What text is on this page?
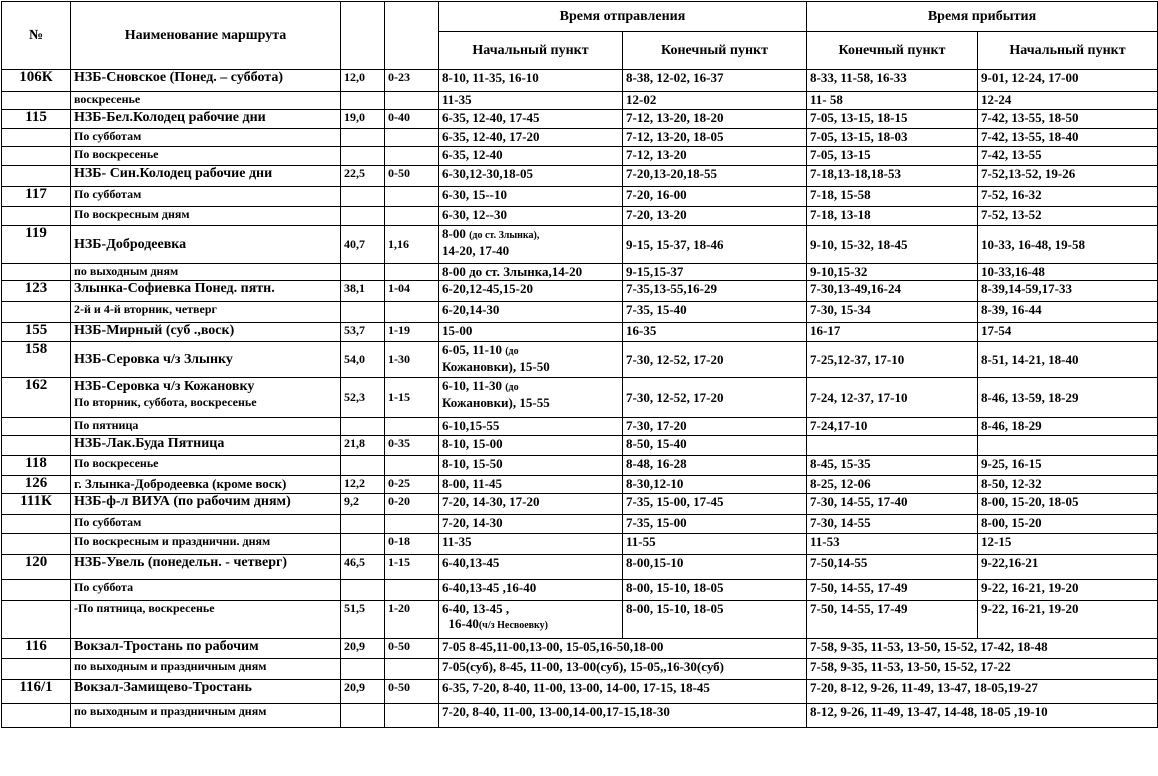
№	Наименование маршрута			Время отправления		Время прибытия	
				Начальный пункт	Конечный пункт	Конечный пункт	Начальный пункт
106К	НЗБ-Сновское (Понед. – суббота)	12,0	0-23	8-10, 11-35, 16-10	8-38, 12-02, 16-37	8-33, 11-58, 16-33	9-01, 12-24, 17-00
	воскресенье			11-35	12-02	11- 58	12-24
115	НЗБ-Бел.Колодец рабочие дни	19,0	0-40	6-35, 12-40, 17-45	7-12, 13-20, 18-20	7-05, 13-15, 18-15	7-42, 13-55, 18-50
	По субботам			6-35, 12-40, 17-20	7-12, 13-20, 18-05	7-05, 13-15, 18-03	7-42, 13-55, 18-40
	По воскресенье			6-35, 12-40	7-12, 13-20	7-05, 13-15	7-42, 13-55
	НЗБ- Син.Колодец рабочие дни	22,5	0-50	6-30,12-30,18-05	7-20,13-20,18-55	7-18,13-18,18-53	7-52,13-52, 19-26
117	По субботам			6-30, 15--10	7-20, 16-00	7-18, 15-58	7-52, 16-32
	По воскресным дням			6-30, 12--30	7-20, 13-20	7-18, 13-18	7-52, 13-52
119	НЗБ-Добродеевка	40,7	1,16	8-00 (до ст. Злынка),
14-20, 17-40	9-15, 15-37, 18-46	9-10, 15-32, 18-45	10-33, 16-48, 19-58
	по выходным дням			8-00 до ст. Злынка,14-20	9-15,15-37	9-10,15-32	10-33,16-48
123	Злынка-Софиевка Понед. пятн.	38,1	1-04	6-20,12-45,15-20	7-35,13-55,16-29	7-30,13-49,16-24	8-39,14-59,17-33
	2-й и 4-й вторник, четверг			6-20,14-30	7-35, 15-40	7-30, 15-34	8-39, 16-44
155	НЗБ-Мирный (суб .,воск)	53,7	1-19	15-00	16-35	16-17	17-54
158	НЗБ-Серовка ч/з Злынку	54,0	1-30	6-05, 11-10 (до
Кожановки), 15-50	7-30, 12-52, 17-20	7-25,12-37, 17-10	8-51, 14-21, 18-40
162	НЗБ-Серовка ч/з Кожановку
По вторник, суббота, воскресенье	52,3	1-15	6-10, 11-30 (до
Кожановки), 15-55	7-30, 12-52, 17-20	7-24, 12-37, 17-10	8-46, 13-59, 18-29
	По пятница			6-10,15-55	7-30, 17-20	7-24,17-10	8-46, 18-29
	НЗБ-Лак.Буда Пятница	21,8	0-35	8-10, 15-00	8-50, 15-40		
118	По воскресенье			8-10, 15-50	8-48, 16-28	8-45, 15-35	9-25, 16-15
126	г. Злынка-Добродеевка (кроме воск)	12,2	0-25	8-00, 11-45	8-30,12-10	8-25, 12-06	8-50, 12-32
111К	НЗБ-ф-л ВИУА (по рабочим дням)	9,2	0-20	7-20, 14-30, 17-20	7-35, 15-00, 17-45	7-30, 14-55, 17-40	8-00, 15-20, 18-05
	По субботам			7-20, 14-30	7-35, 15-00	7-30, 14-55	8-00, 15-20
	По воскресным и празднични. дням		0-18	11-35	11-55	11-53	12-15
120	НЗБ-Увель (понедельн. - четверг)	46,5	1-15	6-40,13-45	8-00,15-10	7-50,14-55	9-22,16-21
	По суббота			6-40,13-45 ,16-40	8-00, 15-10, 18-05	7-50, 14-55, 17-49	9-22, 16-21, 19-20
	-По пятница, воскресенье	51,5	1-20	6-40, 13-45 ,
16-40(ч/з Несвоевку)	8-00, 15-10, 18-05	7-50, 14-55, 17-49	9-22, 16-21, 19-20
116	Вокзал-Тростань по рабочим	20,9	0-50	7-05 8-45,11-00,13-00, 15-05,16-50,18-00		7-58, 9-35, 11-53, 13-50, 15-52, 17-42, 18-48	
	по выходным и праздничным дням			7-05(суб), 8-45, 11-00, 13-00(суб), 15-05,,16-30(суб)		7-58, 9-35, 11-53, 13-50, 15-52, 17-22	
116/1	Вокзал-Замищево-Тростань	20,9	0-50	6-35, 7-20, 8-40, 11-00, 13-00, 14-00, 17-15, 18-45		7-20, 8-12, 9-26, 11-49, 13-47, 18-05,19-27	
	по выходным и праздничным дням			7-20, 8-40, 11-00, 13-00,14-00,17-15,18-30		8-12, 9-26, 11-49, 13-47, 14-48, 18-05 ,19-10	
